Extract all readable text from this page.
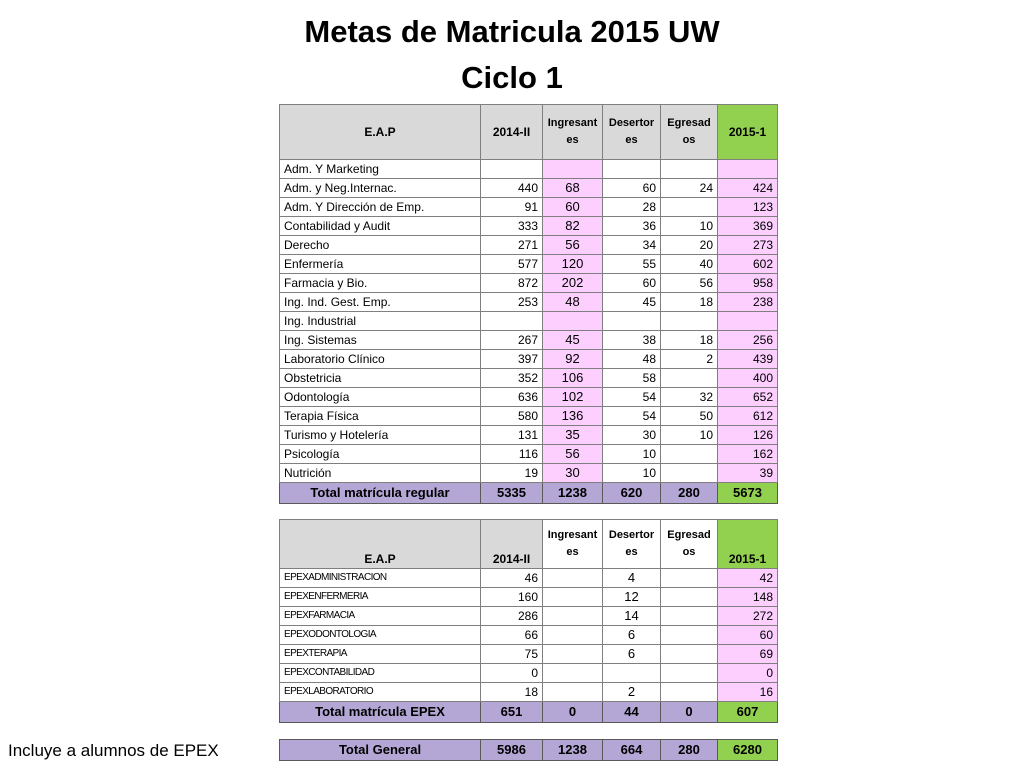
Metas de Matricula 2015 UW
Ciclo 1
E.A.P	2014-II	Ingresant es	Desertor es	Egresad os	2015-1
Adm. Y Marketing					
Adm. y Neg.Internac.	440	68	60	24	424
Adm. Y Dirección de Emp.	91	60	28		123
Contabilidad y Audit	333	82	36	10	369
Derecho	271	56	34	20	273
Enfermería	577	120	55	40	602
Farmacia y Bio.	872	202	60	56	958
Ing. Ind. Gest. Emp.	253	48	45	18	238
Ing. Industrial					
Ing. Sistemas	267	45	38	18	256
Laboratorio Clínico	397	92	48	2	439
Obstetricia	352	106	58		400
Odontología	636	102	54	32	652
Terapia Física	580	136	54	50	612
Turismo y Hotelería	131	35	30	10	126
Psicología	116	56	10		162
Nutrición	19	30	10		39
Total matrícula regular	5335	1238	620	280	5673
E.A.P	2014-II	Ingresant es	Desertor es	Egresad os	2015-1
EPEXADMINISTRACION	46		4		42
EPEXENFERMERIA	160		12		148
EPEXFARMACIA	286		14		272
EPEXODONTOLOGIA	66		6		60
EPEXTERAPIA	75		6		69
EPEXCONTABILIDAD	0				0
EPEXLABORATORIO	18		2		16
Total matrícula EPEX	651	0	44	0	607
Total General	5986	1238	664	280	6280
Incluye a alumnos de EPEX
